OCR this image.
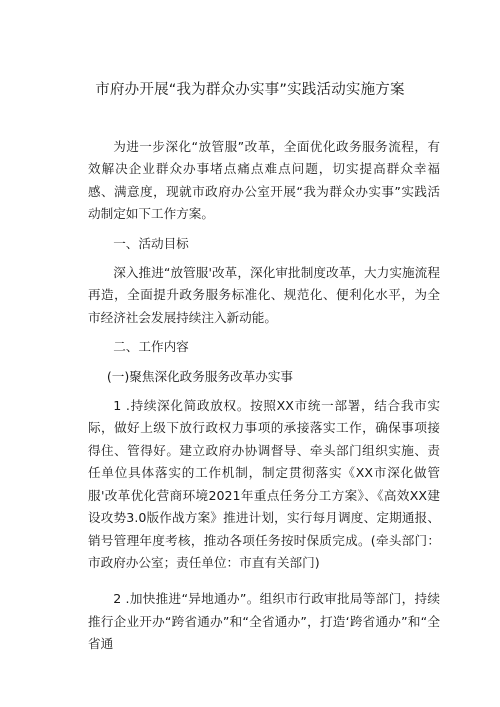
市府办开展“我为群众办实事”实践活动实施方案

为进一步深化“放管服”改革，全面优化政务服务流程，有效解决企业群众办事堵点痛点难点问题，切实提高群众幸福感、满意度，现就市政府办公室开展“我为群众办实事”实践活动制定如下工作方案。

一、活动目标

深入推进“放管服'改革，深化审批制度改革，大力实施流程再造，全面提升政务服务标准化、规范化、便利化水平，为全市经济社会发展持续注入新动能。

二、工作内容

(一)聚焦深化政务服务改革办实事

1 .持续深化简政放权。按照XX市统一部署，结合我市实际，做好上级下放行政权力事项的承接落实工作，确保事项接得住、管得好。建立政府办协调督导、牵头部门组织实施、责任单位具体落实的工作机制，制定贯彻落实《XX市深化做管服'改革优化营商环境2021年重点任务分工方案》、《高效XX建设攻势3.0版作战方案》推进计划，实行每月调度、定期通报、销号管理年度考核，推动各项任务按时保质完成。(牵头部门：市政府办公室；责任单位：市直有关部门)

2 .加快推进“异地通办”。组织市行政审批局等部门，持续推行企业开办“跨省通办”和“全省通办”，打造‘跨省通办”和“全省通
